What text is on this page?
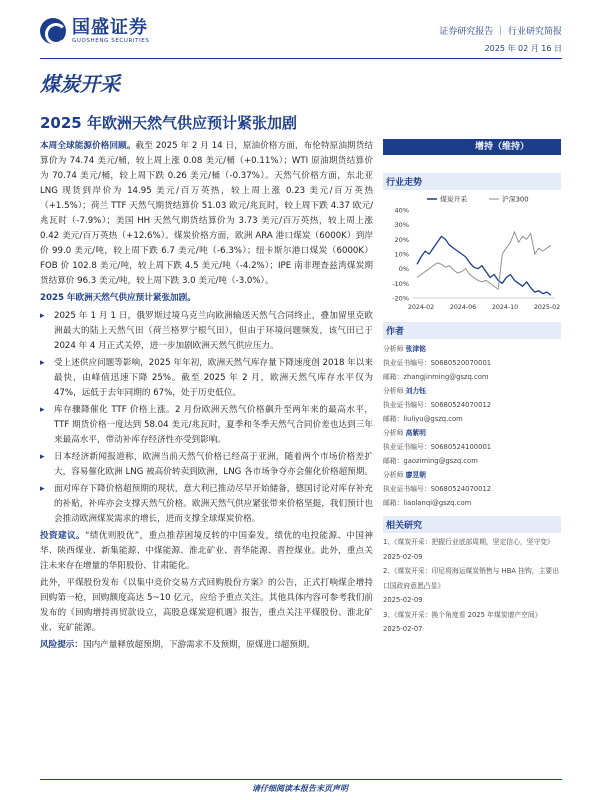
国盛证券
GUOSHENG SECURITIES
证券研究报告 ｜ 行业研究简报
2025 年 02 月 16 日
煤炭开采
2025 年欧洲天然气供应预计紧张加剧

本周全球能源价格回顾。截至 2025 年 2 月 14 日，原油价格方面，布伦特原油期货结算价为 74.74 美元/桶，较上周上涨 0.08 美元/桶（+0.11%）；WTI 原油期货结算价为 70.74 美元/桶，较上周下跌 0.26 美元/桶（-0.37%）。天然气价格方面，东北亚 LNG 现货到岸价为 14.95 美元/百万英热，较上周上涨 0.23 美元/百万英热（+1.5%）；荷兰 TTF 天然气期货结算价 51.03 欧元/兆瓦时，较上周下跌 4.37 欧元/兆瓦时（-7.9%）；美国 HH 天然气期货结算价为 3.73 美元/百万英热，较上周上涨 0.42 美元/百万英热（+12.6%）。煤炭价格方面，欧洲 ARA 港口煤炭（6000K）到岸价 99.0 美元/吨，较上周下跌 6.7 美元/吨（-6.3%）；纽卡斯尔港口煤炭（6000K）FOB 价 102.8 美元/吨，较上周下跌 4.5 美元/吨（-4.2%）；IPE 南非理查兹湾煤炭期货结算价 96.3 美元/吨，较上周下跌 3.0 美元/吨（-3.0%）。

2025 年欧洲天然气供应预计紧张加剧。

▸ 2025 年 1 月 1 日，俄罗斯过境乌克兰向欧洲输送天然气合同终止，叠加留里克欧洲最大的陆上天然气田（荷兰格罗宁根气田），但由于环境问题频发，该气田已于 2024 年 4 月正式关停，进一步加剧欧洲天然气供应压力。

▸ 受上述供应问题等影响，2025 年年初，欧洲天然气库存量下降速度创 2018 年以来最快，由峰值迅速下降 25%。截至 2025 年 2 月，欧洲天然气库存水平仅为 47%，远低于去年同期的 67%，处于历史低位。

▸ 库存骤降催化 TTF 价格上涨。2 月份欧洲天然气价格飙升至两年来的最高水平，TTF 期货价格一度达到 58.04 美元/兆瓦时，夏季和冬季天然气合同价差也达到三年来最高水平，带动补库存经济性亦受到影响。

▸ 日本经济新闻报道称，欧洲当前天然气价格已经高于亚洲，随着两个市场价格差扩大，容易催化欧洲 LNG 被高价转卖到欧洲，LNG 各市场争夺亦会催化价格超预期。

▸ 面对库存下降价格超预期的现状，意大利已推动尽早开始储备，德国讨论对库存补充的补贴，补库亦会支撑天然气价格。欧洲天然气供应紧张带来价格坚挺，我们预计也会推动欧洲煤炭需求的增长，进而支撑全球煤炭价格。

投资建议。“绩优则股优”，重点推荐困境反转的中国秦发，绩优的电投能源、中国神华、陕西煤业、新集能源、中煤能源、淮北矿业、晋华能源、晋控煤业。此外，重点关注未来存在增量的华阳股份、甘肃能化。

此外，平煤股份发布《以集中竞价交易方式回购股份方案》的公告，正式打响煤企增持回购第一枪，回购额度高达 5~10 亿元，应给予重点关注。其他具体内容可参考我们前发布的《回购增持再贸款设立，高股息煤炭迎机遇》报告，重点关注平煤股份、淮北矿业、兖矿能源。

风险提示：国内产量释放超预期，下游需求不及预期，原煤进口超预期。

增持（维持）
行业走势
40%
30%
20%
10%
0%
-10%
-20%
2024-02 2024-06 2024-10 2025-02
煤炭开采	沪深300
作者
分析师 张津铭
执业证书编号：S0680520070001
邮箱：zhangjinming@gszq.com
分析师 刘力钰
执业证书编号：S0680524070012
邮箱：liuliyu@gszq.com
分析师 高紫明
执业证书编号：S0680524100001
邮箱：gaoziming@gszq.com
分析师 廖昱朝
执业证书编号：S0680524070012
邮箱：liaolanqi@gszq.com
相关研究
1、《煤炭开采：把握行业底部周期，坚定信心，坚守变》
2025-02-09
2、《煤炭开采：印尼将海运煤炭销售与 HBA 挂钩，主要出口国政府意愿凸显》
2025-02-09
3、《煤炭开采：换个角度看 2025 年煤炭增产空间》
2025-02-07
请仔细阅读本报告末页声明
